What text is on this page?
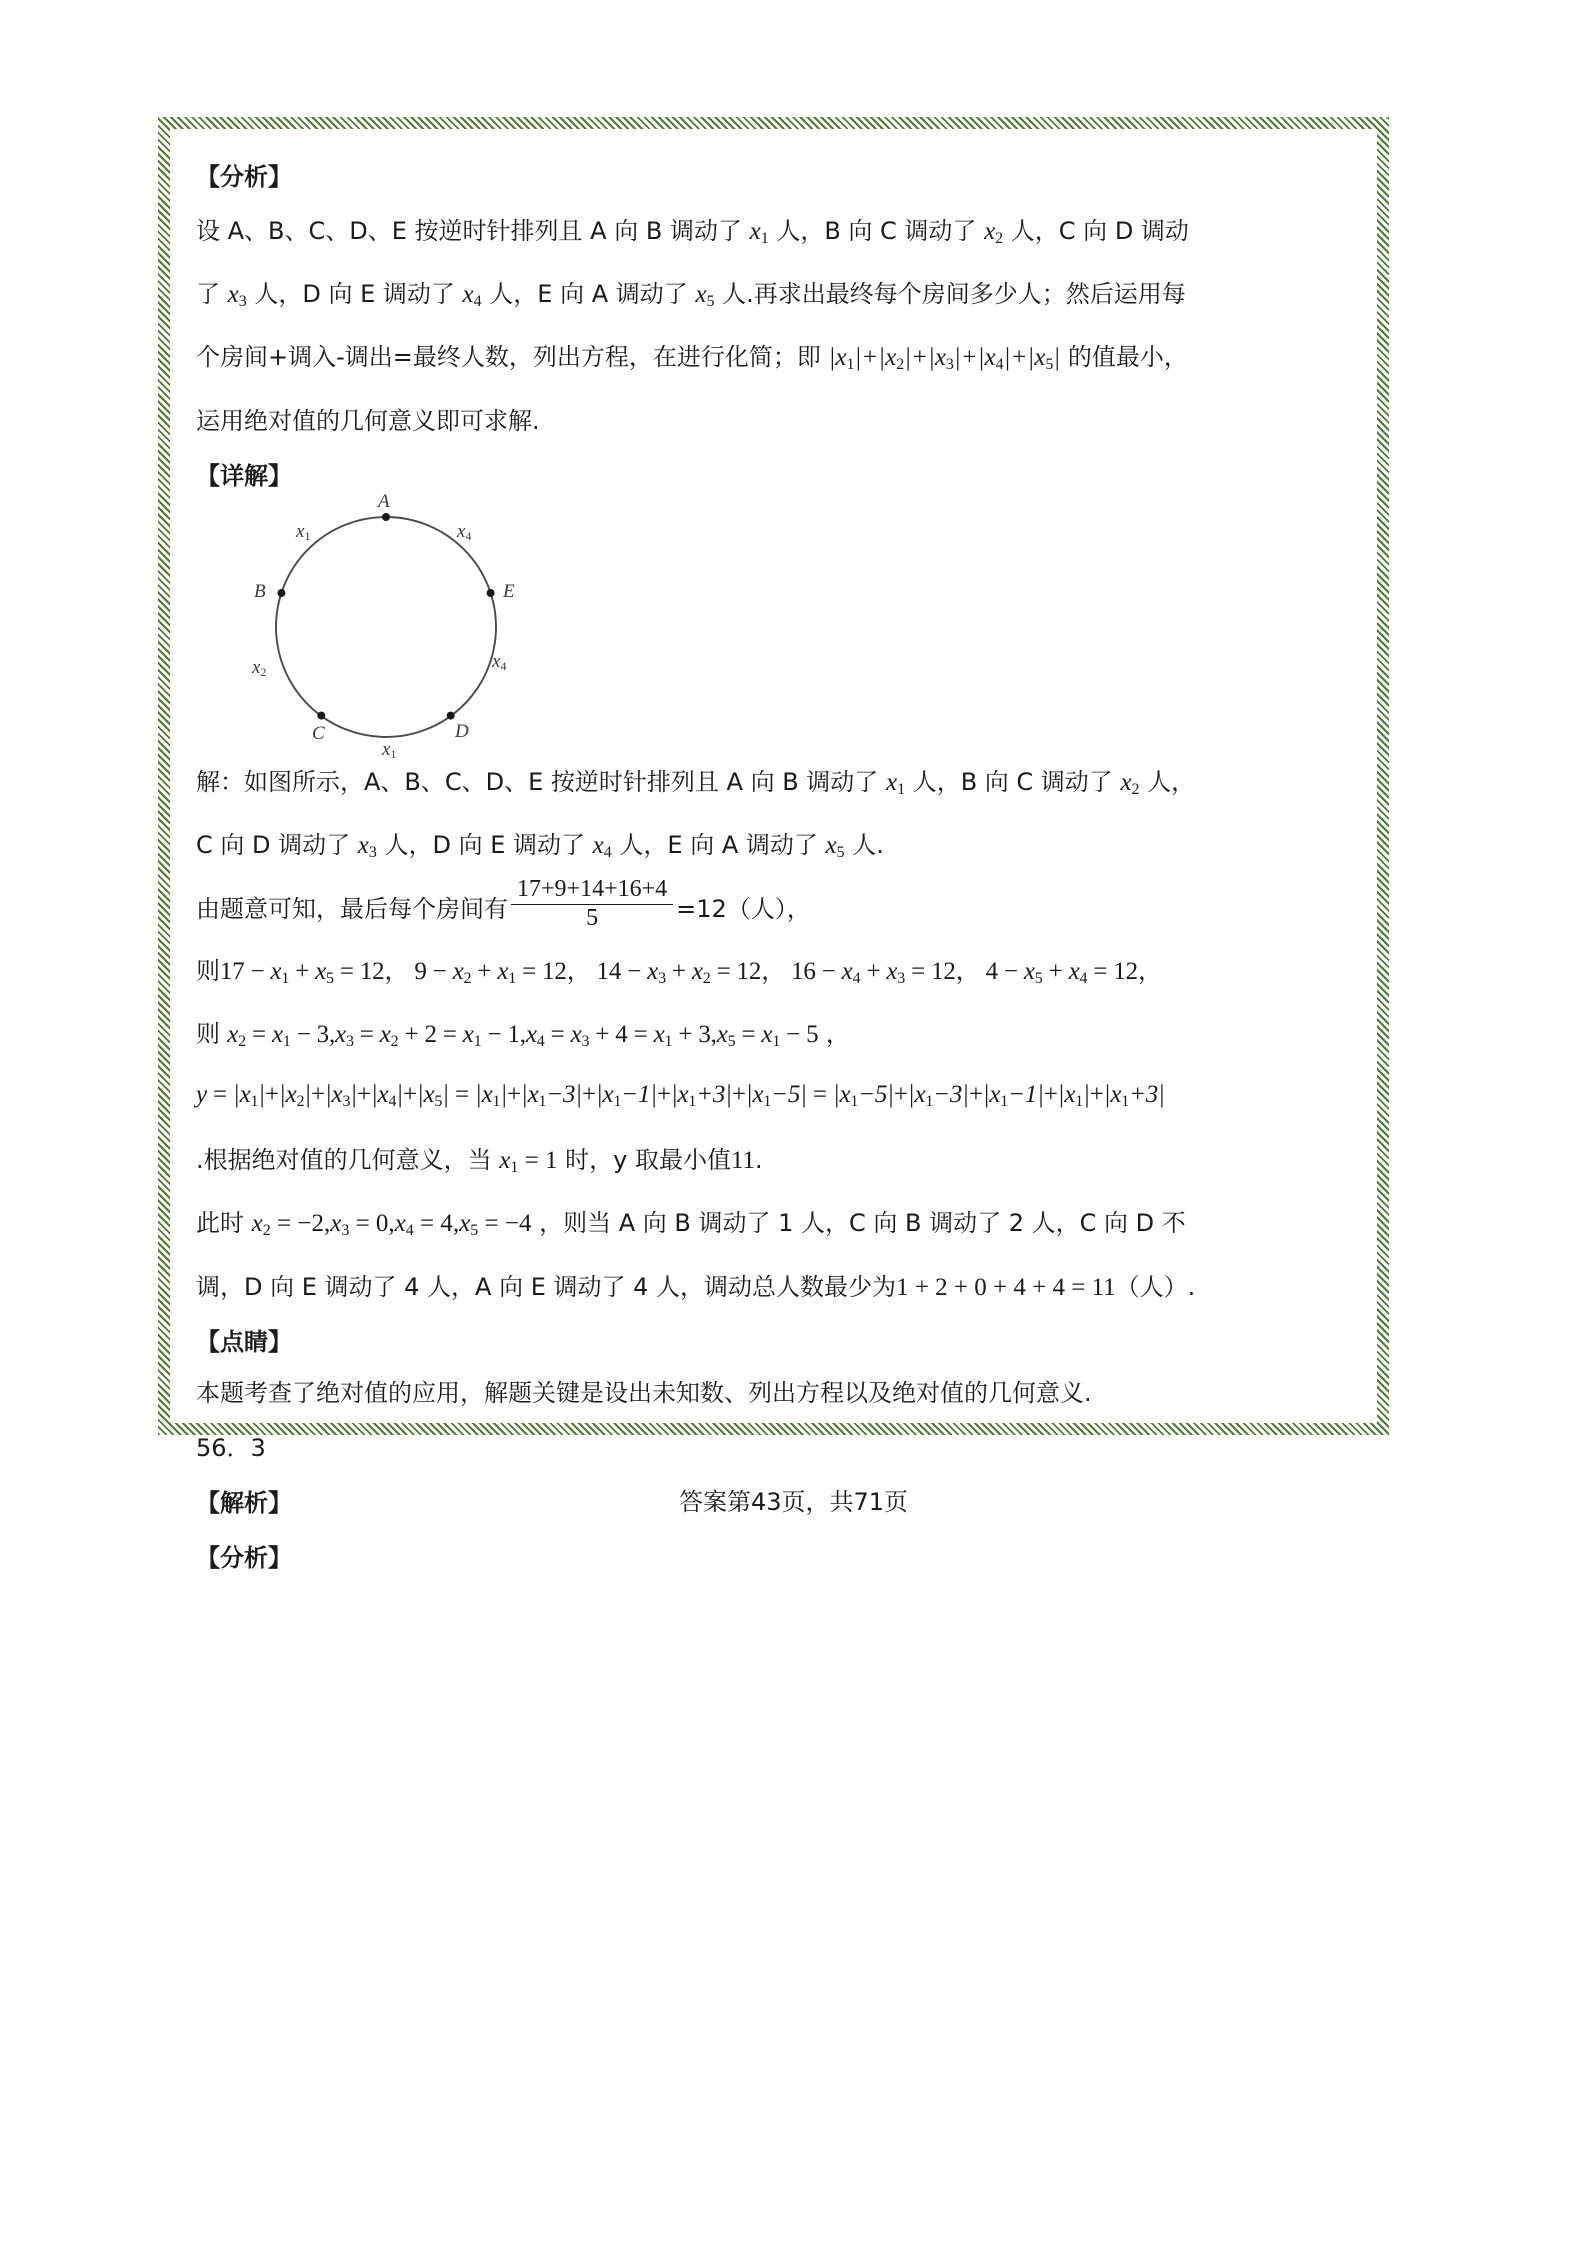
【分析】
设 A、B、C、D、E 按逆时针排列且 A 向 B 调动了 $x_1$ 人，B 向 C 调动了 $x_2$ 人，C 向 D 调动
了 $x_3$ 人，D 向 E 调动了 $x_4$ 人，E 向 A 调动了 $x_5$ 人.再求出最终每个房间多少人；然后运用每
个房间+调入-调出=最终人数，列出方程，在进行化简；即 $|x_1|+|x_2|+|x_3|+|x_4|+|x_5|$ 的值最小，
运用绝对值的几何意义即可求解.
【详解】
A
B
C	D
E
$x_1$	$x_4$
$x_2$
$x_4$
$x_1$
解：如图所示，A、B、C、D、E 按逆时针排列且 A 向 B 调动了 $x_1$ 人，B 向 C 调动了 $x_2$ 人，
C 向 D 调动了 $x_3$ 人，D 向 E 调动了 $x_4$ 人，E 向 A 调动了 $x_5$ 人.
由题意可知，最后每个房间有 $\frac{17+9+14+16+4}{5} =12$（人），
则$17 - x_1 + x_5 = 12$， $9 - x_2 + x_1 = 12$， $14 - x_3 + x_2 = 12$， $16 - x_4 + x_3 = 12$， $4 - x_5 + x_4 = 12$，
则 $x_2 = x_1 - 3,x_3 = x_2 + 2 = x_1 - 1,x_4 = x_3 + 4 = x_1 + 3,x_5 = x_1 - 5$ ，
$y = |x_1|+|x_2|+|x_3|+|x_4|+|x_5| = |x_1|+|x_1-3|+|x_1-1|+|x_1+3|+|x_1-5| = |x_1-5|+|x_1-3|+|x_1-1|+|x_1|+|x_1+3|$
.根据绝对值的几何意义，当 $x_1 = 1$ 时，y 取最小值11.
此时 $x_2 = -2,x_3 = 0,x_4 = 4,x_5 = -4$ ，则当 A 向 B 调动了 1 人，C 向 B 调动了 2 人，C 向 D 不
调，D 向 E 调动了 4 人，A 向 E 调动了 4 人，调动总人数最少为1 + 2 + 0 + 4 + 4 = 11（人）.
【点睛】
本题考查了绝对值的应用，解题关键是设出未知数、列出方程以及绝对值的几何意义.
56．3
【解析】
【分析】
答案第43页，共71页
